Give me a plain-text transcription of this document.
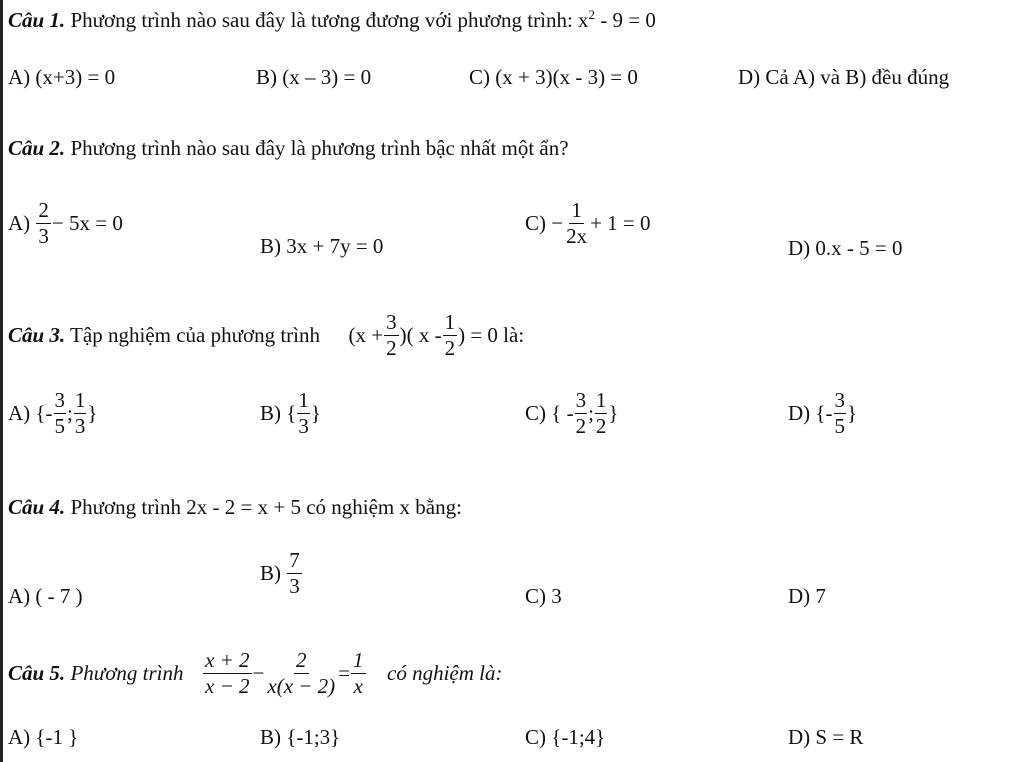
Câu 1. Phương trình nào sau đây là tương đương với phương trình: $x^2 - 9 = 0$
A) (x+3) = 0	B) (x – 3) = 0	C) (x + 3)(x - 3) = 0	D) Cả A) và B) đều đúng
Câu 2. Phương trình nào sau đây là phương trình bậc nhất một ẩn?
$A) \frac{2}{3} - 5x = 0$
B) 3x + 7y = 0
$C) - \frac{1}{2x} + 1 = 0$
D) 0.x - 5 = 0
Câu 3. Tập nghiệm của phương trình ($x + \frac{3}{2}$ )( x - $\frac{1}{2}$ ) = 0 là:
A) {- $\frac{3}{5}$ ; $\frac{1}{3}$ }	B) { $\frac{1}{3}$ }	C) { - $\frac{3}{2}$ ; $\frac{1}{2}$ }	D) {- $\frac{3}{5}$ }
Câu 4. Phương trình 2x - 2 = x + 5 có nghiệm x bằng:
A) ( - 7 )
$B) \frac{7}{3}$	C) 3	D) 7
Câu 5. Phương trình $\frac{x + 2}{x - 2} - \frac{2}{x(x - 2)} = \frac{1}{x}$ có nghiệm là:
A) {-1 }	B) {-1;3}	C) {-1;4}	D) S = R
